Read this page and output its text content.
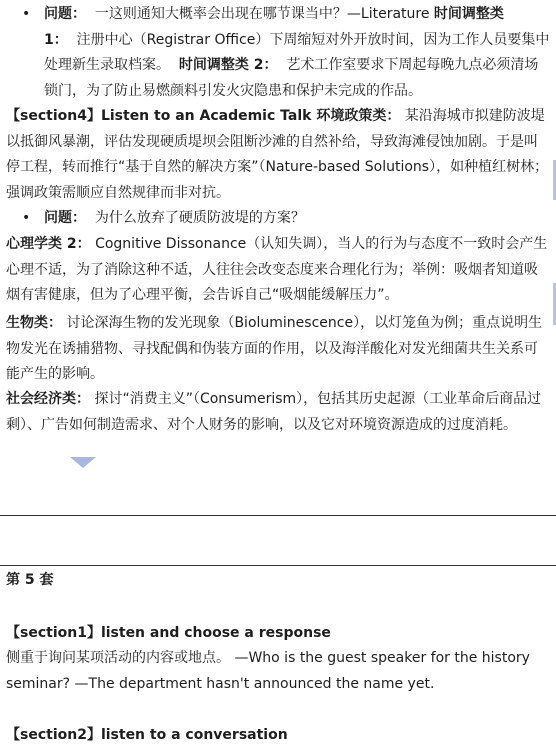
• 问题： 一这则通知大概率会出现在哪节课当中？—Literature 时间调整类 1： 注册中心（Registrar Office）下周缩短对外开放时间，因为工作人员要集中处理新生录取档案。 时间调整类 2： 艺术工作室要求下周起每晚九点必须清场锁门，为了防止易燃颜料引发火灾隐患和保护未完成的作品。

【section4】Listen to an Academic Talk 环境政策类： 某沿海城市拟建防波堤以抵御风暴潮，评估发现硬质堤坝会阻断沙滩的自然补给，导致海滩侵蚀加剧。于是叫停工程，转而推行“基于自然的解决方案”（Nature-based Solutions），如种植红树林；强调政策需顺应自然规律而非对抗。

• 问题： 为什么放弃了硬质防波堤的方案？

心理学类 2： Cognitive Dissonance（认知失调），当人的行为与态度不一致时会产生心理不适，为了消除这种不适，人往往会改变态度来合理化行为；举例：吸烟者知道吸烟有害健康，但为了心理平衡，会告诉自己“吸烟能缓解压力”。

生物类： 讨论深海生物的发光现象（Bioluminescence），以灯笼鱼为例；重点说明生物发光在诱捕猎物、寻找配偶和伪装方面的作用，以及海洋酸化对发光细菌共生关系可能产生的影响。

社会经济类： 探讨“消费主义”（Consumerism），包括其历史起源（工业革命后商品过剩）、广告如何制造需求、对个人财务的影响，以及它对环境资源造成的过度消耗。

第 5 套

【section1】listen and choose a response

侧重于询问某项活动的内容或地点。 —Who is the guest speaker for the history seminar? —The department hasn't announced the name yet.

【section2】listen to a conversation
